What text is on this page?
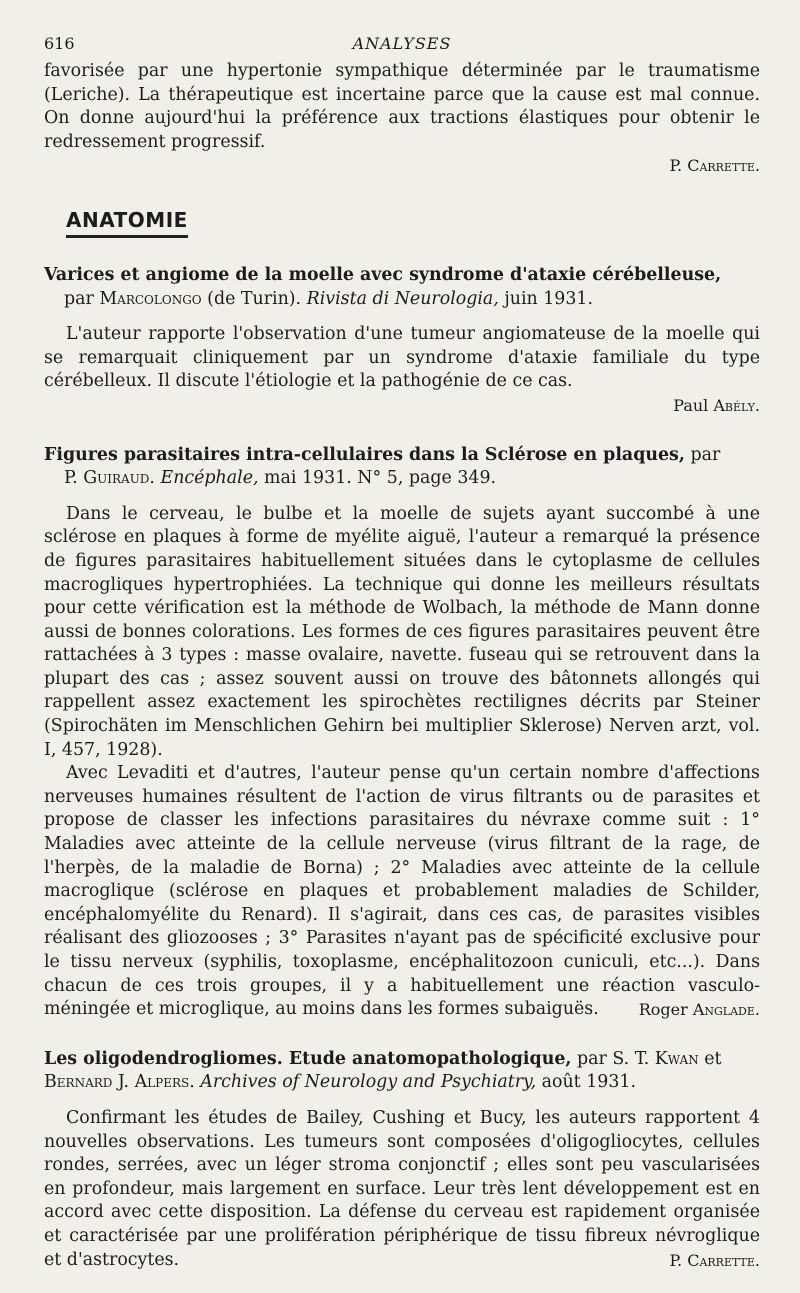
616	ANALYSES

favorisée par une hypertonie sympathique déterminée par le traumatisme (Leriche). La thérapeutique est incertaine parce que la cause est mal connue. On donne aujourd'hui la préférence aux tractions élastiques pour obtenir le redressement progressif.

P. Carrette.
ANATOMIE
Varices et angiome de la moelle avec syndrome d'ataxie cérébelleuse,
par Marcolongo (de Turin). Rivista di Neurologia, juin 1931.

L'auteur rapporte l'observation d'une tumeur angiomateuse de la moelle qui se remarquait cliniquement par un syndrome d'ataxie familiale du type cérébelleux. Il discute l'étiologie et la pathogénie de ce cas.

Paul Abély.
Figures parasitaires intra-cellulaires dans la Sclérose en plaques, par
P. Guiraud. Encéphale, mai 1931. N° 5, page 349.

Dans le cerveau, le bulbe et la moelle de sujets ayant succombé à une sclérose en plaques à forme de myélite aiguë, l'auteur a remarqué la présence de figures parasitaires habituellement situées dans le cytoplasme de cellules macrogliques hypertrophiées. La technique qui donne les meilleurs résultats pour cette vérification est la méthode de Wolbach, la méthode de Mann donne aussi de bonnes colorations. Les formes de ces figures parasitaires peuvent être rattachées à 3 types : masse ovalaire, navette. fuseau qui se retrouvent dans la plupart des cas ; assez souvent aussi on trouve des bâtonnets allongés qui rappellent assez exactement les spirochètes rectilignes décrits par Steiner (Spirochäten im Menschlichen Gehirn bei multiplier Sklerose) Nerven arzt, vol. I, 457, 1928).

Avec Levaditi et d'autres, l'auteur pense qu'un certain nombre d'affections nerveuses humaines résultent de l'action de virus filtrants ou de parasites et propose de classer les infections parasitaires du névraxe comme suit : 1° Maladies avec atteinte de la cellule nerveuse (virus filtrant de la rage, de l'herpès, de la maladie de Borna) ; 2° Maladies avec atteinte de la cellule macroglique (sclérose en plaques et probablement maladies de Schilder, encéphalomyélite du Renard). Il s'agirait, dans ces cas, de parasites visibles réalisant des gliozooses ; 3° Parasites n'ayant pas de spécificité exclusive pour le tissu nerveux (syphilis, toxoplasme, encéphalitozoon cuniculi, etc...). Dans chacun de ces trois groupes, il y a habituellement une réaction vasculo-méningée et microglique, au moins dans les formes subaiguës.	Roger Anglade.
Les oligodendrogliomes. Etude anatomopathologique, par S. T. Kwan et
Bernard J. Alpers. Archives of Neurology and Psychiatry, août 1931.

Confirmant les études de Bailey, Cushing et Bucy, les auteurs rapportent 4 nouvelles observations. Les tumeurs sont composées d'oligogliocytes, cellules rondes, serrées, avec un léger stroma conjonctif ; elles sont peu vascularisées en profondeur, mais largement en surface. Leur très lent développement est en accord avec cette disposition. La défense du cerveau est rapidement organisée et caractérisée par une prolifération périphérique de tissu fibreux névroglique et d'astrocytes.	P. Carrette.
